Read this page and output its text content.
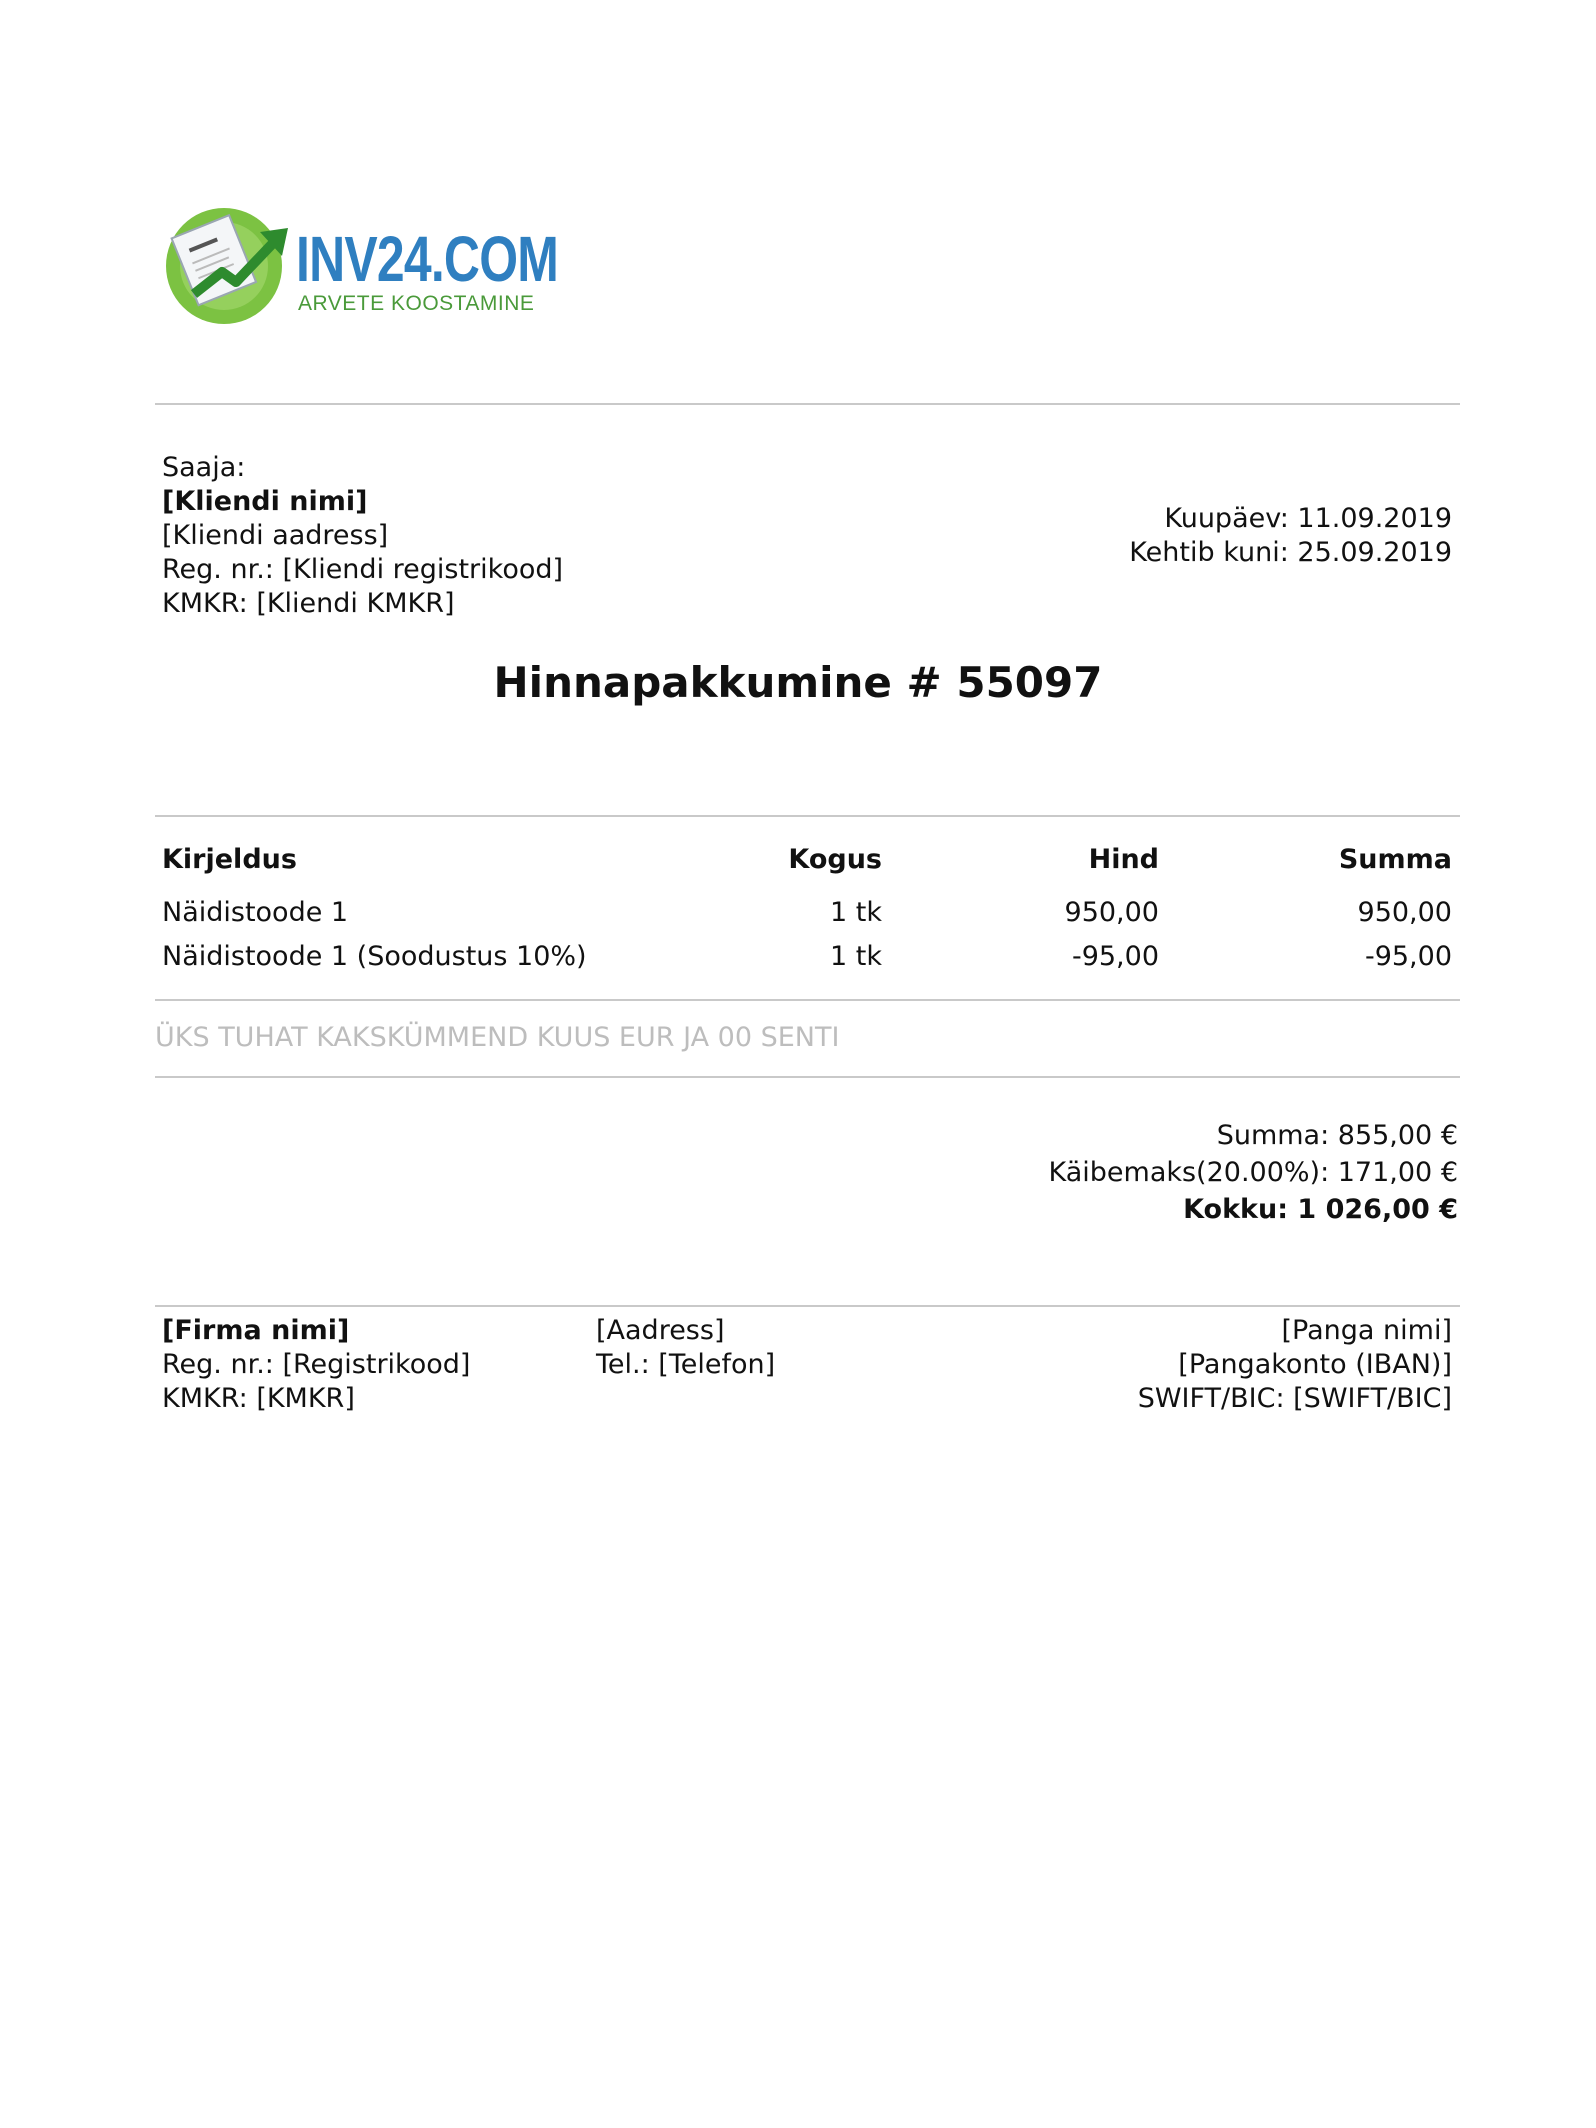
INV24.COM
ARVETE KOOSTAMINE
Saaja:
[Kliendi nimi]
[Kliendi aadress]
Reg. nr.: [Kliendi registrikood]
KMKR: [Kliendi KMKR]
Kuupäev: 11.09.2019
Kehtib kuni: 25.09.2019
Hinnapakkumine # 55097
Kirjeldus	Kogus	Hind	Summa
Näidistoode 1	1 tk	950,00	950,00
Näidistoode 1 (Soodustus 10%)	1 tk	-95,00	-95,00
ÜKS TUHAT KAKSKÜMMEND KUUS EUR JA 00 SENTI
Summa: 855,00 €
Käibemaks(20.00%): 171,00 €
Kokku: 1 026,00 €
[Firma nimi]
Reg. nr.: [Registrikood]
KMKR: [KMKR]
[Aadress]
Tel.: [Telefon]
[Panga nimi]
[Pangakonto (IBAN)]
SWIFT/BIC: [SWIFT/BIC]
